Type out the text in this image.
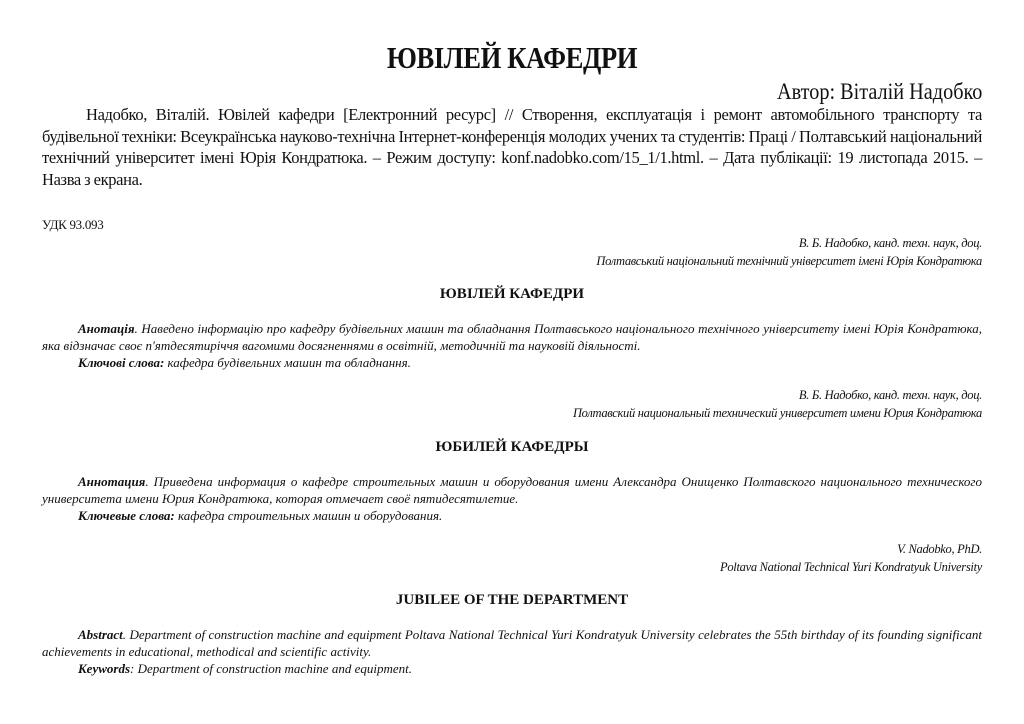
ЮВІЛЕЙ КАФЕДРИ
Автор: Віталій Надобко
Надобко, Віталій. Ювілей кафедри [Електронний ресурс] // Створення, експлуатація і ремонт автомобільного транспорту та будівельної техніки: Всеукраїнська науково-технічна Інтернет-конференція молодих учених та студентів: Праці / Полтавський національний технічний університет імені Юрія Кондратюка. – Режим доступу: konf.nadobko.com/15_1/1.html. – Дата публікації: 19 листопада 2015. – Назва з екрана.
УДК 93.093
В. Б. Надобко, канд. техн. наук, доц.
Полтавський національний технічний університет імені Юрія Кондратюка
ЮВІЛЕЙ КАФЕДРИ

Анотація. Наведено інформацію про кафедру будівельних машин та обладнання Полтавського національного технічного університету імені Юрія Кондратюка, яка відзначає своє п'ятдесятиріччя вагомими досягненнями в освітній, методичній та науковій діяльності.

Ключові слова: кафедра будівельних машин та обладнання.

В. Б. Надобко, канд. техн. наук, доц.
Полтавский национальный технический университет имени Юрия Кондратюка
ЮБИЛЕЙ КАФЕДРЫ

Аннотация. Приведена информация о кафедре строительных машин и оборудования имени Александра Онищенко Полтавского национального технического университета имени Юрия Кондратюка, которая отмечает своё пятидесятилетие.

Ключевые слова: кафедра строительных машин и оборудования.

V. Nadobko, PhD.
Poltava National Technical Yuri Kondratyuk University
JUBILEE OF THE DEPARTMENT

Abstract. Department of construction machine and equipment Poltava National Technical Yuri Kondratyuk University celebrates the 55th birthday of its founding significant achievements in educational, methodical and scientific activity.

Keywords: Department of construction machine and equipment.
